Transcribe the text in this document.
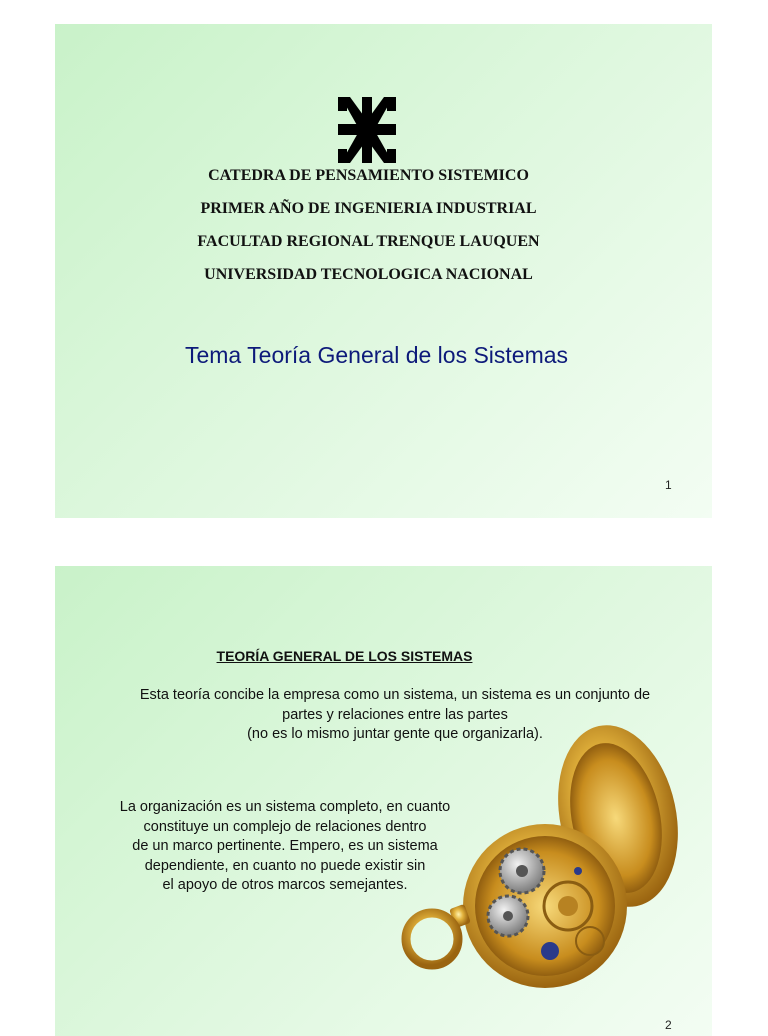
CATEDRA DE PENSAMIENTO SISTEMICO
PRIMER AÑO DE INGENIERIA INDUSTRIAL
FACULTAD REGIONAL TRENQUE LAUQUEN
UNIVERSIDAD TECNOLOGICA NACIONAL
Tema Teoría General de los Sistemas
1
TEORÍA GENERAL DE LOS SISTEMAS
Esta teoría concibe la empresa como un sistema, un sistema es un conjunto de
partes y relaciones entre las partes
(no es lo mismo juntar gente que organizarla).
La organización es un sistema completo, en cuanto
constituye un complejo de relaciones dentro
de un marco pertinente. Empero, es un sistema
dependiente, en cuanto no puede existir sin
el apoyo de otros marcos semejantes.
2
